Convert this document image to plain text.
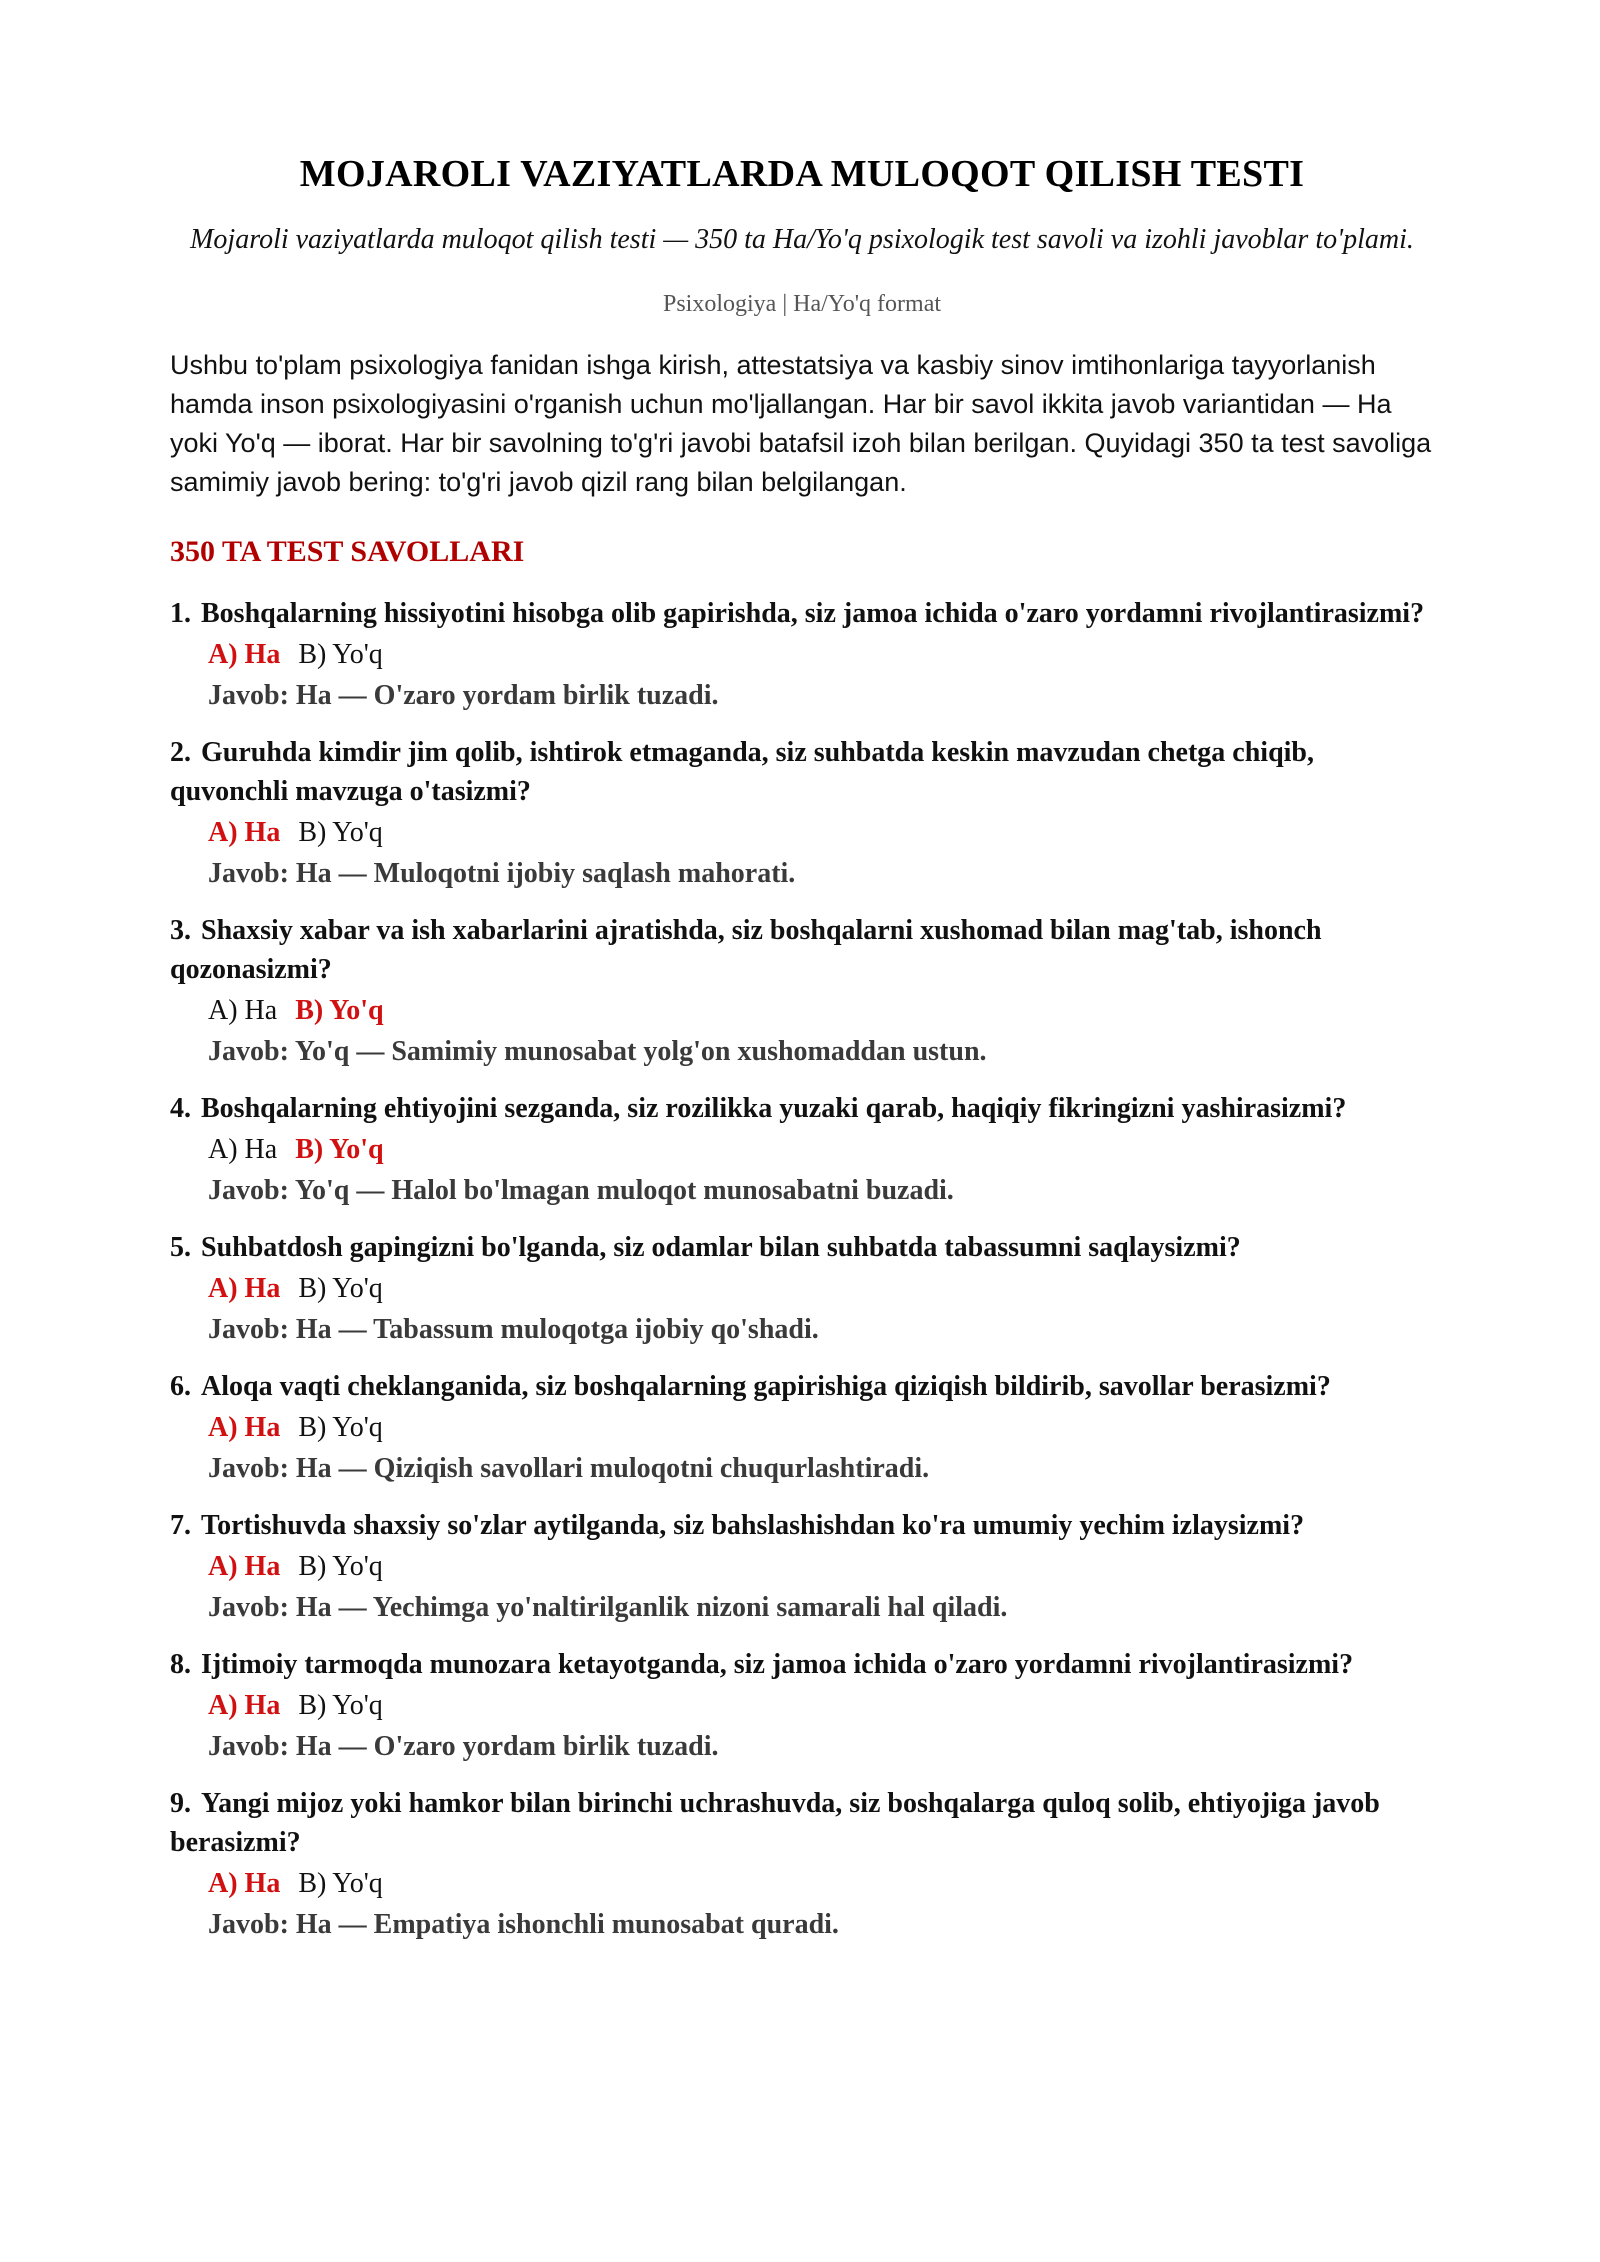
MOJAROLI VAZIYATLARDA MULOQOT QILISH TESTI

Mojaroli vaziyatlarda muloqot qilish testi — 350 ta Ha/Yo'q psixologik test savoli va izohli javoblar to'plami.

Psixologiya | Ha/Yo'q format

Ushbu to'plam psixologiya fanidan ishga kirish, attestatsiya va kasbiy sinov imtihonlariga tayyorlanish hamda inson psixologiyasini o'rganish uchun mo'ljallangan. Har bir savol ikkita javob variantidan — Ha yoki Yo'q — iborat. Har bir savolning to'g'ri javobi batafsil izoh bilan berilgan. Quyidagi 350 ta test savoliga samimiy javob bering: to'g'ri javob qizil rang bilan belgilangan.

350 TA TEST SAVOLLARI
1. Boshqalarning hissiyotini hisobga olib gapirishda, siz jamoa ichida o'zaro yordamni rivojlantirasizmi?
A) Ha B) Yo'q
Javob: Ha — O'zaro yordam birlik tuzadi.
2. Guruhda kimdir jim qolib, ishtirok etmaganda, siz suhbatda keskin mavzudan chetga chiqib, quvonchli mavzuga o'tasizmi?
A) Ha B) Yo'q
Javob: Ha — Muloqotni ijobiy saqlash mahorati.
3. Shaxsiy xabar va ish xabarlarini ajratishda, siz boshqalarni xushomad bilan mag'tab, ishonch qozonasizmi?
A) Ha B) Yo'q
Javob: Yo'q — Samimiy munosabat yolg'on xushomaddan ustun.
4. Boshqalarning ehtiyojini sezganda, siz rozilikka yuzaki qarab, haqiqiy fikringizni yashirasizmi?
A) Ha B) Yo'q
Javob: Yo'q — Halol bo'lmagan muloqot munosabatni buzadi.
5. Suhbatdosh gapingizni bo'lganda, siz odamlar bilan suhbatda tabassumni saqlaysizmi?
A) Ha B) Yo'q
Javob: Ha — Tabassum muloqotga ijobiy qo'shadi.
6. Aloqa vaqti cheklanganida, siz boshqalarning gapirishiga qiziqish bildirib, savollar berasizmi?
A) Ha B) Yo'q
Javob: Ha — Qiziqish savollari muloqotni chuqurlashtiradi.
7. Tortishuvda shaxsiy so'zlar aytilganda, siz bahslashishdan ko'ra umumiy yechim izlaysizmi?
A) Ha B) Yo'q
Javob: Ha — Yechimga yo'naltirilganlik nizoni samarali hal qiladi.
8. Ijtimoiy tarmoqda munozara ketayotganda, siz jamoa ichida o'zaro yordamni rivojlantirasizmi?
A) Ha B) Yo'q
Javob: Ha — O'zaro yordam birlik tuzadi.
9. Yangi mijoz yoki hamkor bilan birinchi uchrashuvda, siz boshqalarga quloq solib, ehtiyojiga javob berasizmi?
A) Ha B) Yo'q
Javob: Ha — Empatiya ishonchli munosabat quradi.
